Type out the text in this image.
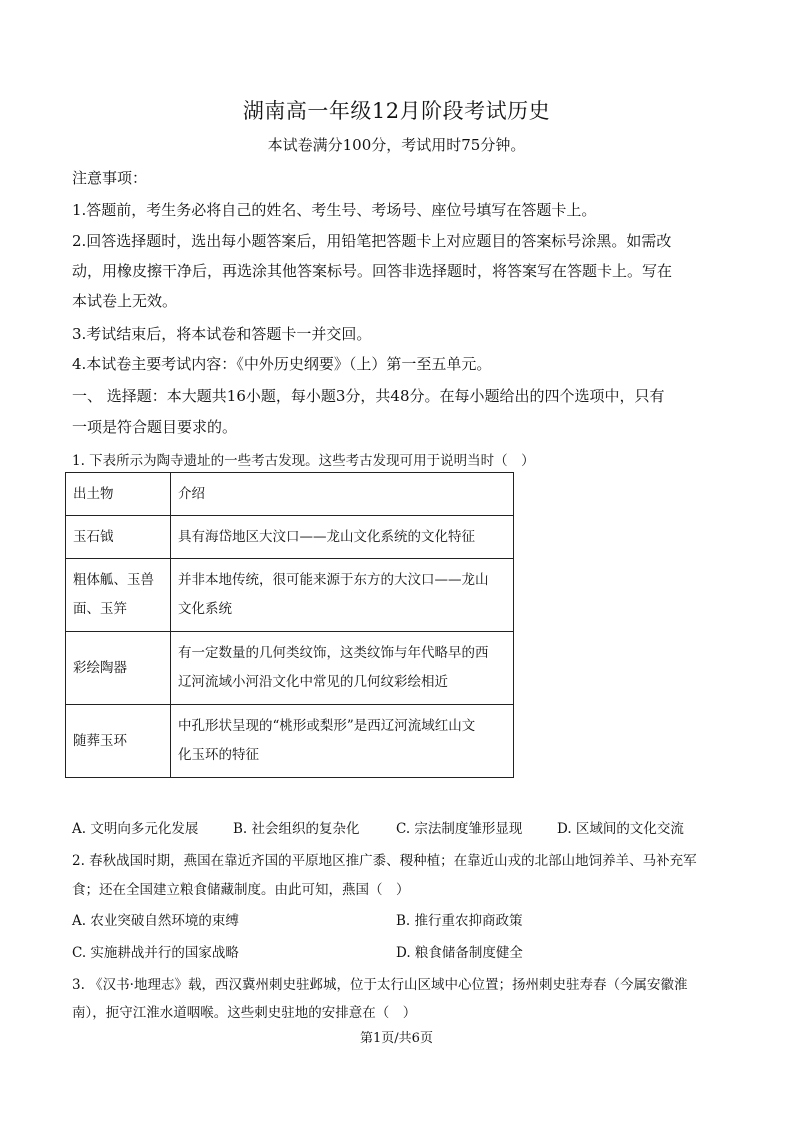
湖南高一年级12月阶段考试历史
本试卷满分100分，考试用时75分钟。
注意事项：
1.答题前，考生务必将自己的姓名、考生号、考场号、座位号填写在答题卡上。
2.回答选择题时，选出每小题答案后，用铅笔把答题卡上对应题目的答案标号涂黑。如需改
动，用橡皮擦干净后，再选涂其他答案标号。回答非选择题时，将答案写在答题卡上。写在
本试卷上无效。
3.考试结束后，将本试卷和答题卡一并交回。
4.本试卷主要考试内容：《中外历史纲要》（上）第一至五单元。
一、 选择题：本大题共16小题，每小题3分，共48分。在每小题给出的四个选项中，只有
一项是符合题目要求的。
1. 下表所示为陶寺遗址的一些考古发现。这些考古发现可用于说明当时（　）
出土物	介绍
玉石钺	具有海岱地区大汶口——龙山文化系统的文化特征
粗体觚、玉兽
面、玉笄	并非本地传统，很可能来源于东方的大汶口——龙山
文化系统
彩绘陶器	有一定数量的几何类纹饰，这类纹饰与年代略早的西
辽河流域小河沿文化中常见的几何纹彩绘相近
随葬玉环	中孔形状呈现的“桃形或梨形”是西辽河流域红山文
化玉环的特征
A. 文明向多元化发展	B. 社会组织的复杂化	C. 宗法制度雏形显现	D. 区域间的文化交流
2. 春秋战国时期，燕国在靠近齐国的平原地区推广黍、稷种植；在靠近山戎的北部山地饲养羊、马补充军
食；还在全国建立粮食储藏制度。由此可知，燕国（　）
A. 农业突破自然环境的束缚	B. 推行重农抑商政策
C. 实施耕战并行的国家战略	D. 粮食储备制度健全
3. 《汉书·地理志》载，西汉冀州刺史驻邺城，位于太行山区域中心位置；扬州刺史驻寿春（今属安徽淮
南），扼守江淮水道咽喉。这些刺史驻地的安排意在（　）
第1页/共6页
